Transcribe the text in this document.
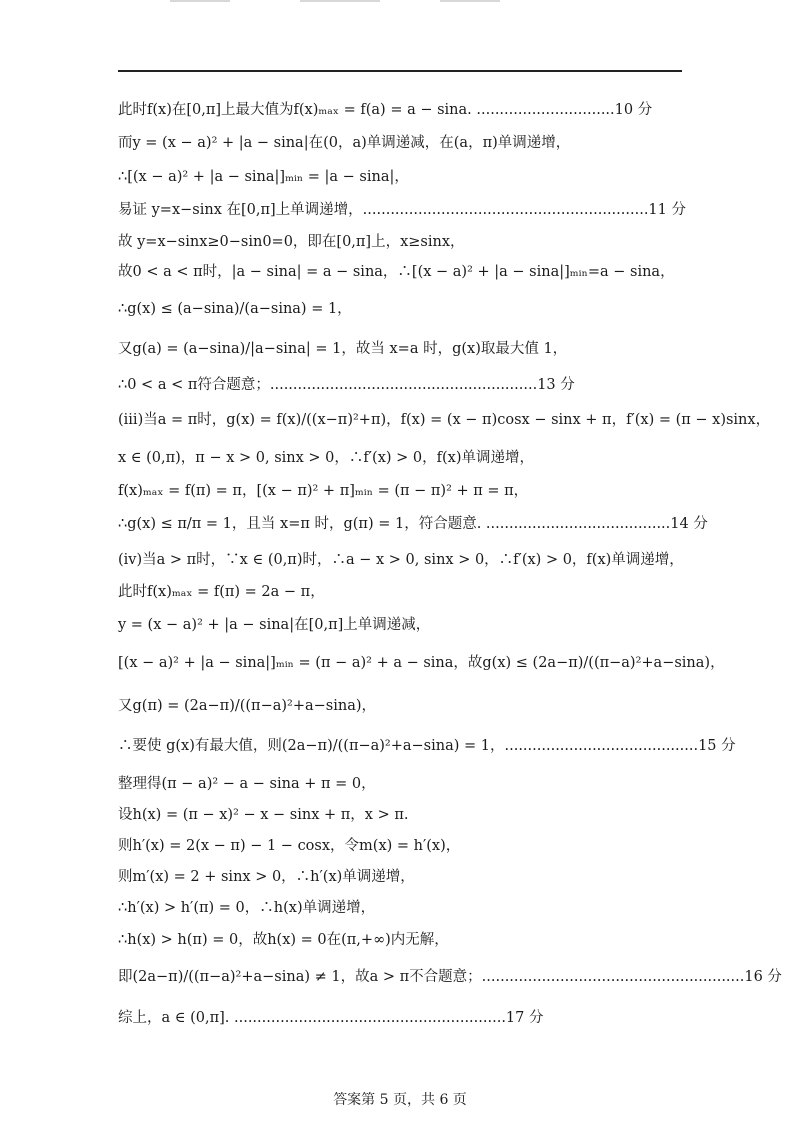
此时f(x)在[0,π]上最大值为f(x)ₘₐₓ = f(a) = a − sina. ..............................10 分
而y = (x − a)² + |a − sina|在(0，a)单调递减，在(a，π)单调递增，
∴[(x − a)² + |a − sina|]ₘᵢₙ = |a − sina|，
易证 y=x−sinx 在[0,π]上单调递增，..............................................................11 分
故 y=x−sinx≥0−sin0=0，即在[0,π]上，x≥sinx，
故0 < a < π时，|a − sina| = a − sina，∴[(x − a)² + |a − sina|]ₘᵢₙ=a − sina，
∴g(x) ≤ (a−sina)/(a−sina) = 1，
又g(a) = (a−sina)/|a−sina| = 1，故当 x=a 时，g(x)取最大值 1，
∴0 < a < π符合题意；..........................................................13 分
(iii)当a = π时，g(x) = f(x)/((x−π)²+π)，f(x) = (x − π)cosx − sinx + π，f′(x) = (π − x)sinx，
x ∈ (0,π)，π − x > 0, sinx > 0，∴f′(x) > 0，f(x)单调递增，
f(x)ₘₐₓ = f(π) = π，[(x − π)² + π]ₘᵢₙ = (π − π)² + π = π，
∴g(x) ≤ π/π = 1，且当 x=π 时，g(π) = 1，符合题意. ........................................14 分
(iv)当a > π时，∵x ∈ (0,π)时，∴a − x > 0, sinx > 0，∴f′(x) > 0，f(x)单调递增，
此时f(x)ₘₐₓ = f(π) = 2a − π，
y = (x − a)² + |a − sina|在[0,π]上单调递减，
[(x − a)² + |a − sina|]ₘᵢₙ = (π − a)² + a − sina，故g(x) ≤ (2a−π)/((π−a)²+a−sina)，
又g(π) = (2a−π)/((π−a)²+a−sina)，
∴要使 g(x)有最大值，则(2a−π)/((π−a)²+a−sina) = 1，..........................................15 分
整理得(π − a)² − a − sina + π = 0，
设h(x) = (π − x)² − x − sinx + π，x > π.
则h′(x) = 2(x − π) − 1 − cosx，令m(x) = h′(x)，
则m′(x) = 2 + sinx > 0，∴h′(x)单调递增，
∴h′(x) > h′(π) = 0，∴h(x)单调递增，
∴h(x) > h(π) = 0，故h(x) = 0在(π,+∞)内无解，
即(2a−π)/((π−a)²+a−sina) ≠ 1，故a > π不合题意；.........................................................16 分
综上，a ∈ (0,π]. ...........................................................17 分
答案第 5 页，共 6 页
